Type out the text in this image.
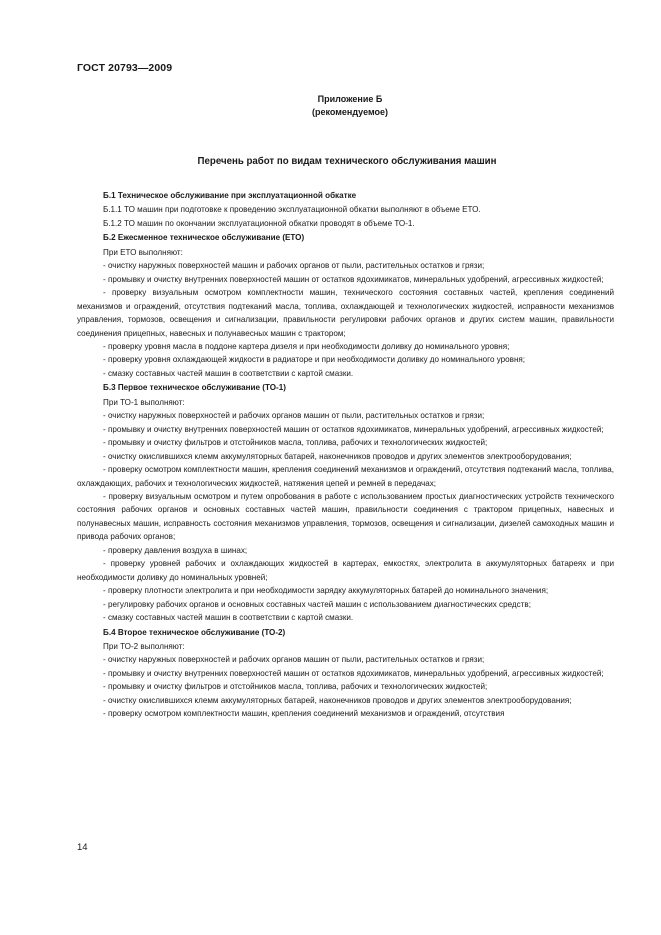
ГОСТ 20793—2009
Приложение Б
(рекомендуемое)
Перечень работ по видам технического обслуживания машин

Б.1 Техническое обслуживание при эксплуатационной обкатке

Б.1.1 ТО машин при подготовке к проведению эксплуатационной обкатки выполняют в объеме ЕТО.

Б.1.2 ТО машин по окончании эксплуатационной обкатки проводят в объеме ТО-1.

Б.2 Ежесменное техническое обслуживание (ЕТО)

При ЕТО выполняют:

- очистку наружных поверхностей машин и рабочих органов от пыли, растительных остатков и грязи;

- промывку и очистку внутренних поверхностей машин от остатков ядохимикатов, минеральных удобрений, агрессивных жидкостей;

- проверку визуальным осмотром комплектности машин, технического состояния составных частей, крепления соединений механизмов и ограждений, отсутствия подтеканий масла, топлива, охлаждающей и технологических жидкостей, исправности механизмов управления, тормозов, освещения и сигнализации, правильности регулировки рабочих органов и других систем машин, правильности соединения прицепных, навесных и полунавесных машин с трактором;

- проверку уровня масла в поддоне картера дизеля и при необходимости доливку до номинального уровня;

- проверку уровня охлаждающей жидкости в радиаторе и при необходимости доливку до номинального уровня;

- смазку составных частей машин в соответствии с картой смазки.

Б.3 Первое техническое обслуживание (ТО-1)

При ТО-1 выполняют:

- очистку наружных поверхностей и рабочих органов машин от пыли, растительных остатков и грязи;

- промывку и очистку внутренних поверхностей машин от остатков ядохимикатов, минеральных удобрений, агрессивных жидкостей;

- промывку и очистку фильтров и отстойников масла, топлива, рабочих и технологических жидкостей;

- очистку окислившихся клемм аккумуляторных батарей, наконечников проводов и других элементов электрооборудования;

- проверку осмотром комплектности машин, крепления соединений механизмов и ограждений, отсутствия подтеканий масла, топлива, охлаждающих, рабочих и технологических жидкостей, натяжения цепей и ремней в передачах;

- проверку визуальным осмотром и путем опробования в работе с использованием простых диагностических устройств технического состояния рабочих органов и основных составных частей машин, правильности соединения с трактором прицепных, навесных и полунавесных машин, исправность состояния механизмов управления, тормозов, освещения и сигнализации, дизелей самоходных машин и привода рабочих органов;

- проверку давления воздуха в шинах;

- проверку уровней рабочих и охлаждающих жидкостей в картерах, емкостях, электролита в аккумуляторных батареях и при необходимости доливку до номинальных уровней;

- проверку плотности электролита и при необходимости зарядку аккумуляторных батарей до номинального значения;

- регулировку рабочих органов и основных составных частей машин с использованием диагностических средств;

- смазку составных частей машин в соответствии с картой смазки.

Б.4 Второе техническое обслуживание (ТО-2)

При ТО-2 выполняют:

- очистку наружных поверхностей и рабочих органов машин от пыли, растительных остатков и грязи;

- промывку и очистку внутренних поверхностей машин от остатков ядохимикатов, минеральных удобрений, агрессивных жидкостей;

- промывку и очистку фильтров и отстойников масла, топлива, рабочих и технологических жидкостей;

- очистку окислившихся клемм аккумуляторных батарей, наконечников проводов и других элементов электрооборудования;

- проверку осмотром комплектности машин, крепления соединений механизмов и ограждений, отсутствия

14
